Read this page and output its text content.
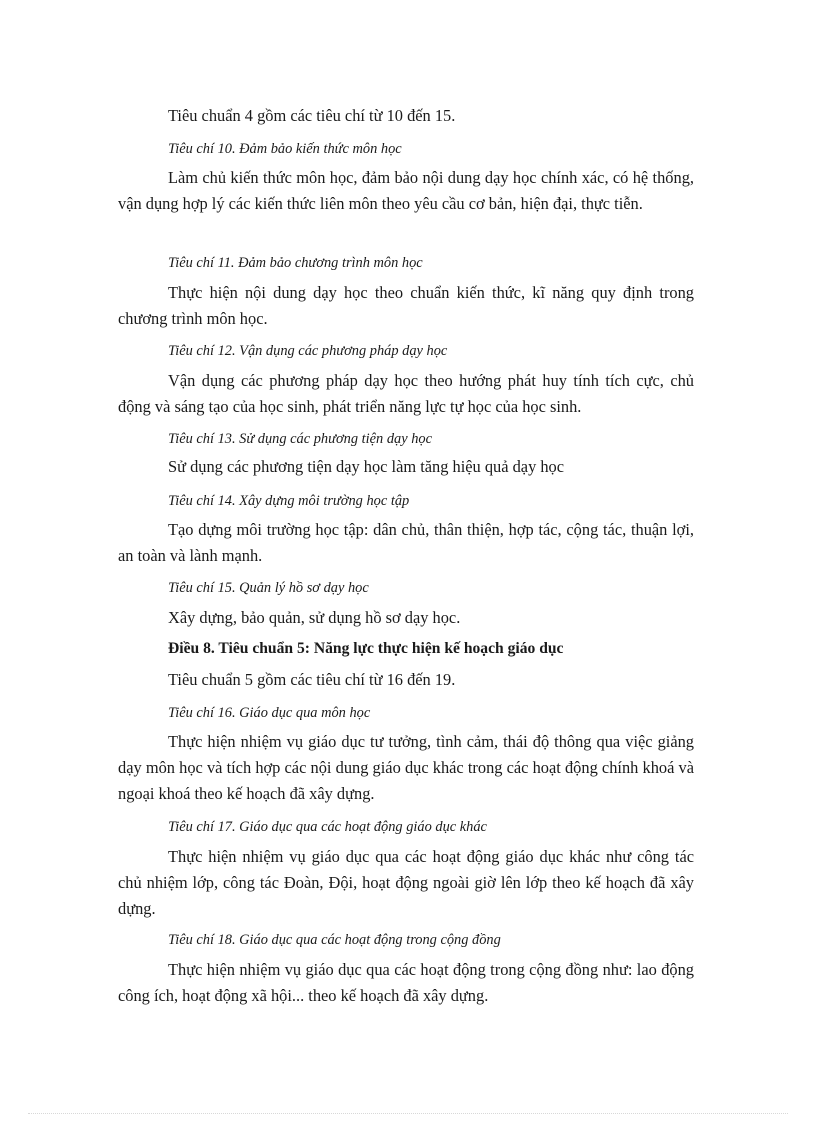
Tiêu chuẩn 4 gồm các tiêu chí từ 10 đến 15.

Tiêu chí 10. Đảm bảo kiến thức môn học

Làm chủ kiến thức môn học, đảm bảo nội dung dạy học chính xác, có hệ thống, vận dụng hợp lý các kiến thức liên môn theo yêu cầu cơ bản, hiện đại, thực tiễn.

Tiêu chí 11. Đảm bảo chương trình môn học

Thực hiện nội dung dạy học theo chuẩn kiến thức, kĩ năng quy định trong chương trình môn học.

Tiêu chí 12. Vận dụng các phương pháp dạy học

Vận dụng các phương pháp dạy học theo hướng phát huy tính tích cực, chủ động và sáng tạo của học sinh, phát triển năng lực tự học của học sinh.

Tiêu chí 13. Sử dụng các phương tiện dạy học

Sử dụng các phương tiện dạy học làm tăng hiệu quả dạy học

Tiêu chí 14. Xây dựng môi trường học tập

Tạo dựng môi trường học tập: dân chủ, thân thiện, hợp tác, cộng tác, thuận lợi, an toàn và lành mạnh.

Tiêu chí 15. Quản lý hồ sơ dạy học

Xây dựng, bảo quản, sử dụng hồ sơ dạy học.

Điều 8. Tiêu chuẩn 5: Năng lực thực hiện kế hoạch giáo dục

Tiêu chuẩn 5 gồm các tiêu chí từ 16 đến 19.

Tiêu chí 16. Giáo dục qua môn học

Thực hiện nhiệm vụ giáo dục tư tưởng, tình cảm, thái độ thông qua việc giảng dạy môn học và tích hợp các nội dung giáo dục khác trong các hoạt động chính khoá và ngoại khoá theo kế hoạch đã xây dựng.

Tiêu chí 17. Giáo dục qua các hoạt động giáo dục khác

Thực hiện nhiệm vụ giáo dục qua các hoạt động giáo dục khác như công tác chủ nhiệm lớp, công tác Đoàn, Đội, hoạt động ngoài giờ lên lớp theo kế hoạch đã xây dựng.

Tiêu chí 18. Giáo dục qua các hoạt động trong cộng đồng

Thực hiện nhiệm vụ giáo dục qua các hoạt động trong cộng đồng như: lao động công ích, hoạt động xã hội... theo kế hoạch đã xây dựng.
